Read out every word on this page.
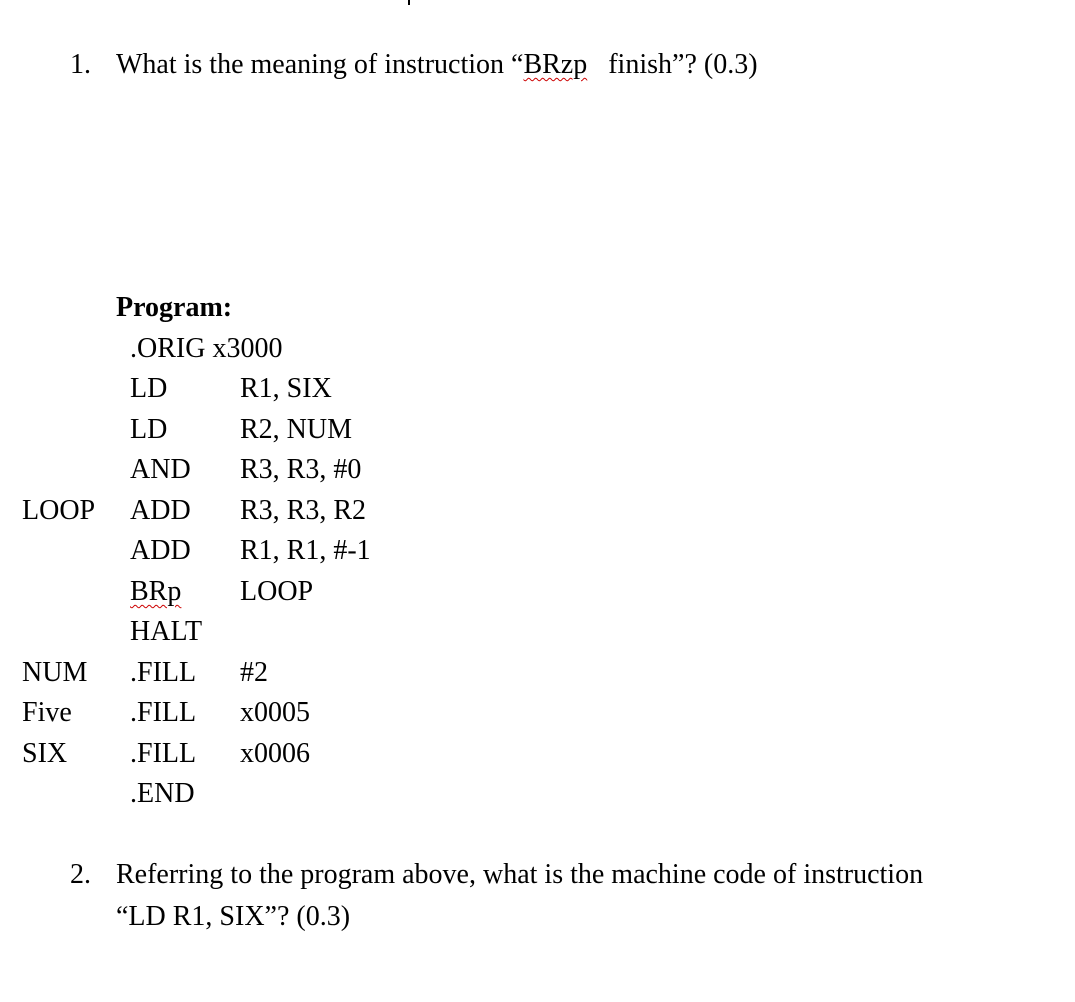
1. What is the meaning of instruction “BRzp   finish”? (0.3)
Program:
.ORIG x3000
LD	R1, SIX
LD	R2, NUM
AND R3, R3, #0
LOOP ADD R3, R3, R2
ADD R1, R1, #-1
BRp LOOP
HALT
NUM .FILL #2
Five .FILL x0005
SIX .FILL x0006
.END
2. Referring to the program above, what is the machine code of instruction
“LD R1, SIX”? (0.3)
